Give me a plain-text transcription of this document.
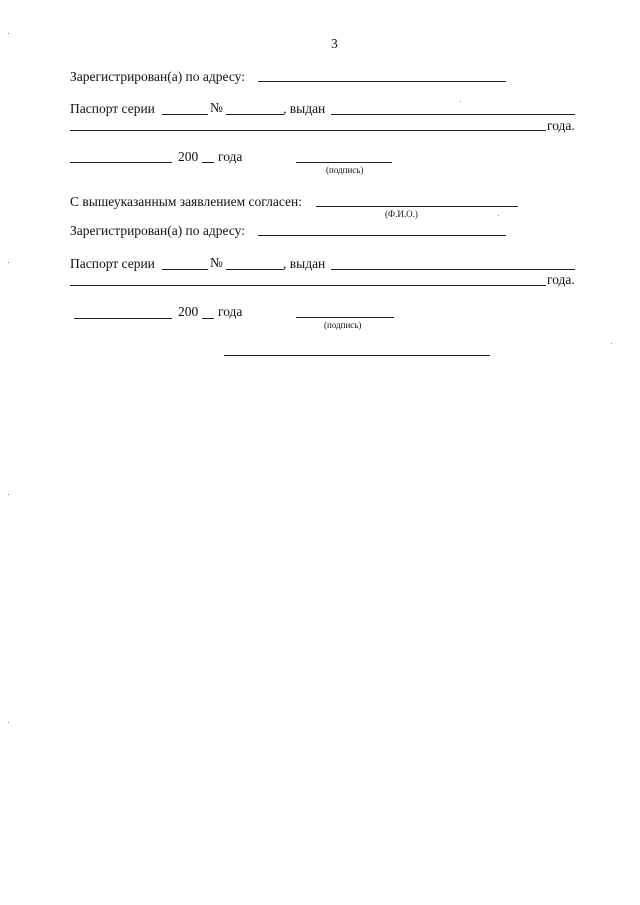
3
Зарегистрирован(а) по адресу:
Паспорт серии	№	, выдан
года.
200 года
(подпись)
С вышеуказанным заявлением согласен:
(Ф.И.О.)
Зарегистрирован(а) по адресу:
Паспорт серии	№	, выдан
года.
200 года
(подпись)
